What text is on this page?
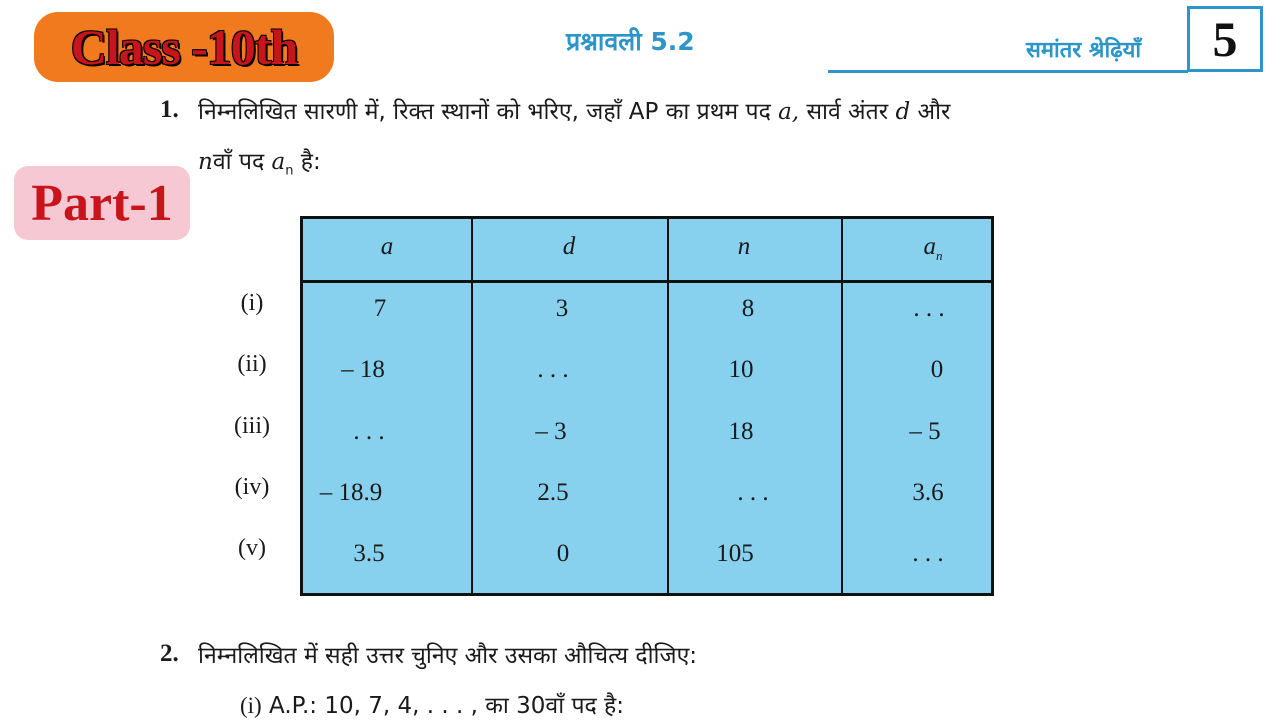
Class -10th
Part-1
प्रश्नावली 5.2	समांतर श्रेढ़ियाँ 5
1. निम्नलिखित सारणी में, रिक्त स्थानों को भरिए, जहाँ AP का प्रथम पद a, सार्व अंतर d और
nवाँ पद $a_n$ है:
a	d	n	$a_n$
7	3	8	. . .
– 18	. . .	10	0
. . .	– 3	18	– 5
– 18.9	2.5	. . .	3.6
3.5	0	105	. . .
(i)
(ii)
(iii)
(iv)
(v)
2. निम्नलिखित में सही उत्तर चुनिए और उसका औचित्य दीजिए:
(i) A.P.: 10, 7, 4, . . . , का 30वाँ पद है:
